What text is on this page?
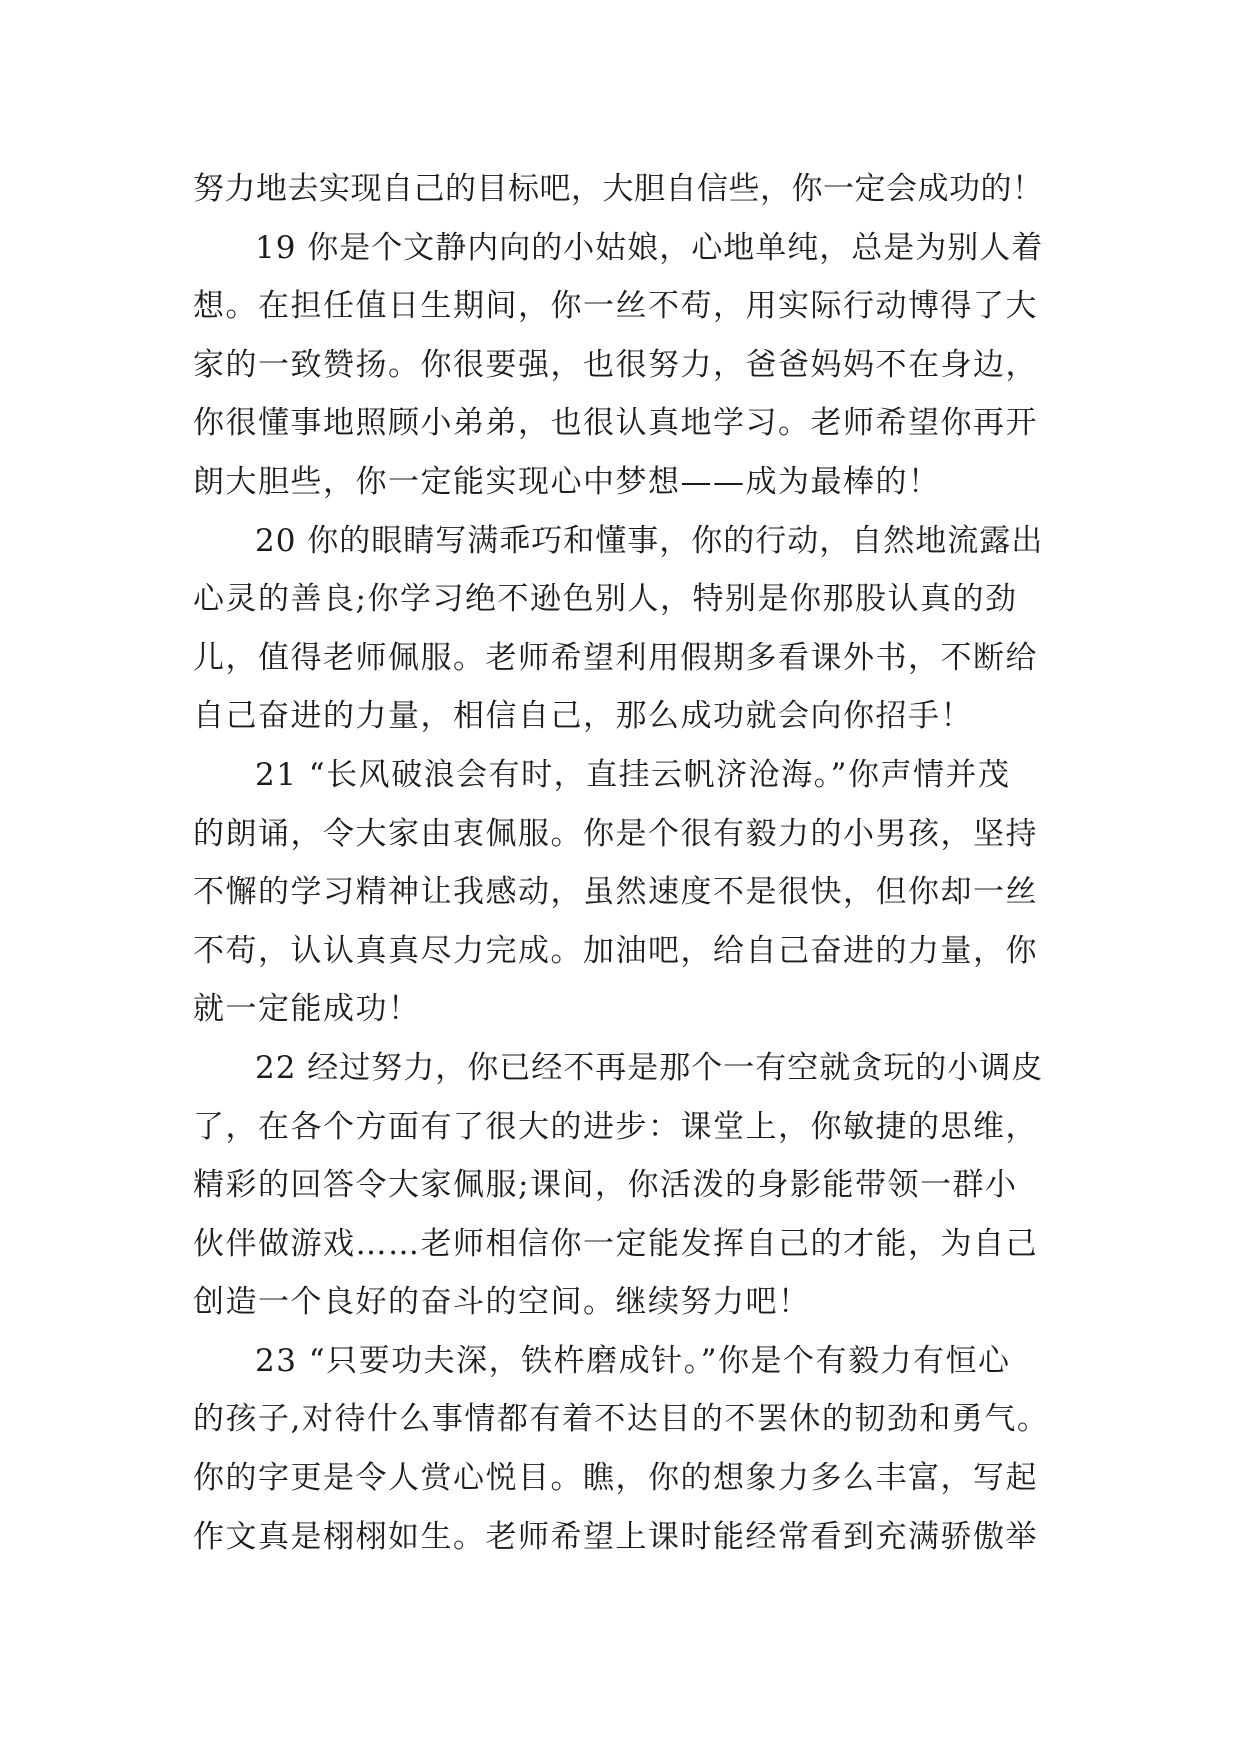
努力地去实现自己的目标吧，大胆自信些，你一定会成功的！
19 你是个文静内向的小姑娘，心地单纯，总是为别人着
想。在担任值日生期间，你一丝不苟，用实际行动博得了大
家的一致赞扬。你很要强，也很努力，爸爸妈妈不在身边，
你很懂事地照顾小弟弟，也很认真地学习。老师希望你再开
朗大胆些，你一定能实现心中梦想——成为最棒的！
20 你的眼睛写满乖巧和懂事，你的行动，自然地流露出
心灵的善良;你学习绝不逊色别人，特别是你那股认真的劲
儿，值得老师佩服。老师希望利用假期多看课外书，不断给
自己奋进的力量，相信自己，那么成功就会向你招手！
21 “长风破浪会有时，直挂云帆济沧海。”你声情并茂
的朗诵，令大家由衷佩服。你是个很有毅力的小男孩，坚持
不懈的学习精神让我感动，虽然速度不是很快，但你却一丝
不苟，认认真真尽力完成。加油吧，给自己奋进的力量，你
就一定能成功！
22 经过努力，你已经不再是那个一有空就贪玩的小调皮
了，在各个方面有了很大的进步：课堂上，你敏捷的思维，
精彩的回答令大家佩服;课间，你活泼的身影能带领一群小
伙伴做游戏……老师相信你一定能发挥自己的才能，为自己
创造一个良好的奋斗的空间。继续努力吧！
23 “只要功夫深，铁杵磨成针。”你是个有毅力有恒心
的孩子,对待什么事情都有着不达目的不罢休的韧劲和勇气。
你的字更是令人赏心悦目。瞧，你的想象力多么丰富，写起
作文真是栩栩如生。老师希望上课时能经常看到充满骄傲举
